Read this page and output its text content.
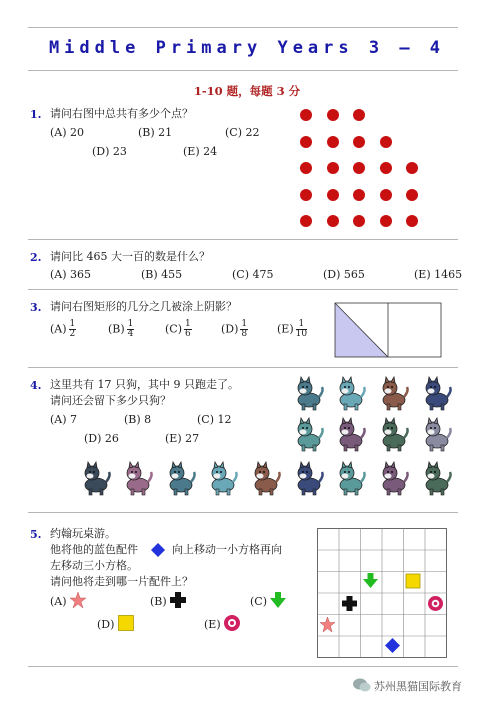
Middle Primary Years 3 – 4
1-10 题，每题 3 分
1. 请问右图中总共有多少个点？
(A) 20	(B) 21	(C) 22
(D) 23	(E) 24
2. 请问比 465 大一百的数是什么？
(A) 365	(B) 455	(C) 475	(D) 565	(E) 1465
3. 请问右图矩形的几分之几被涂上阴影？
$(A) \frac{1}{2}$	$(B) \frac{1}{4}$	$(C) \frac{1}{6}$	$(D) \frac{1}{8}$	$(E) \frac{1}{10}$
4. 这里共有 17 只狗，其中 9 只跑走了。
请问还会留下多少只狗？
(A) 7	(B) 8	(C) 12
(D) 26	(E) 27
5. 约翰玩桌游。
他将他的蓝色配件	向上移动一小方格再向
左移动三小方格。
请问他将走到哪一片配件上？
(A)	(B)	(C)
(D)	(E)
苏州黑猫国际教育
